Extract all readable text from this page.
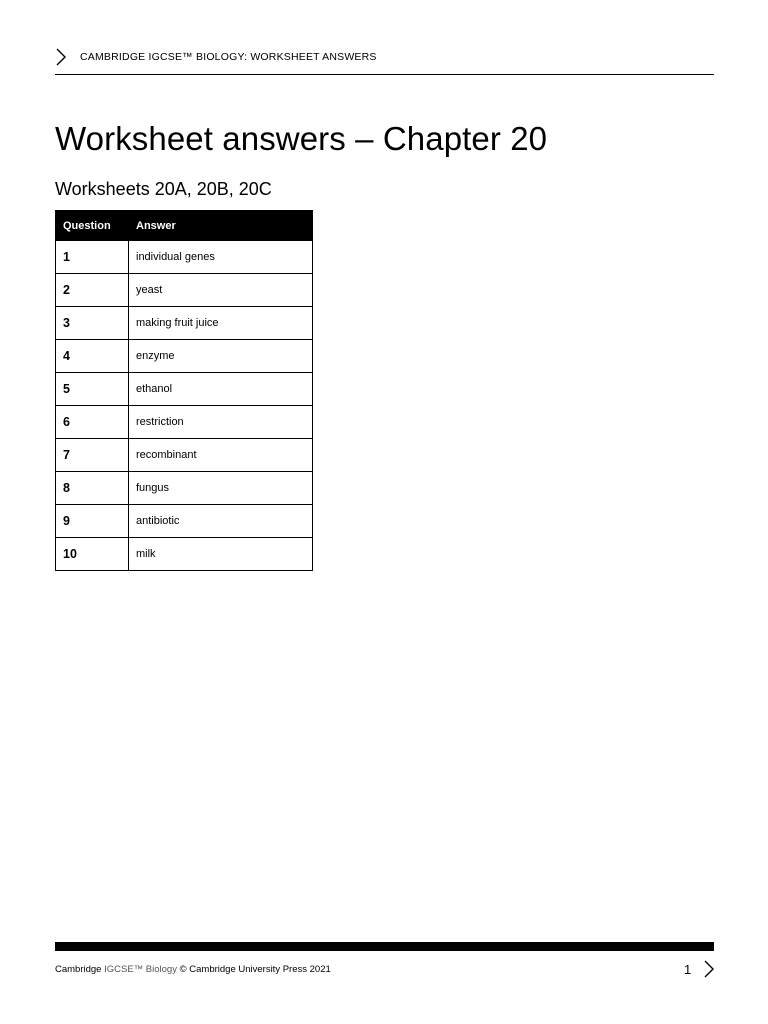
CAMBRIDGE IGCSE™ BIOLOGY: WORKSHEET ANSWERS
Worksheet answers – Chapter 20
Worksheets 20A, 20B, 20C
Question	Answer
1	individual genes
2	yeast
3	making fruit juice
4	enzyme
5	ethanol
6	restriction
7	recombinant
8	fungus
9	antibiotic
10	milk
Cambridge IGCSE™ Biology © Cambridge University Press 2021	1
